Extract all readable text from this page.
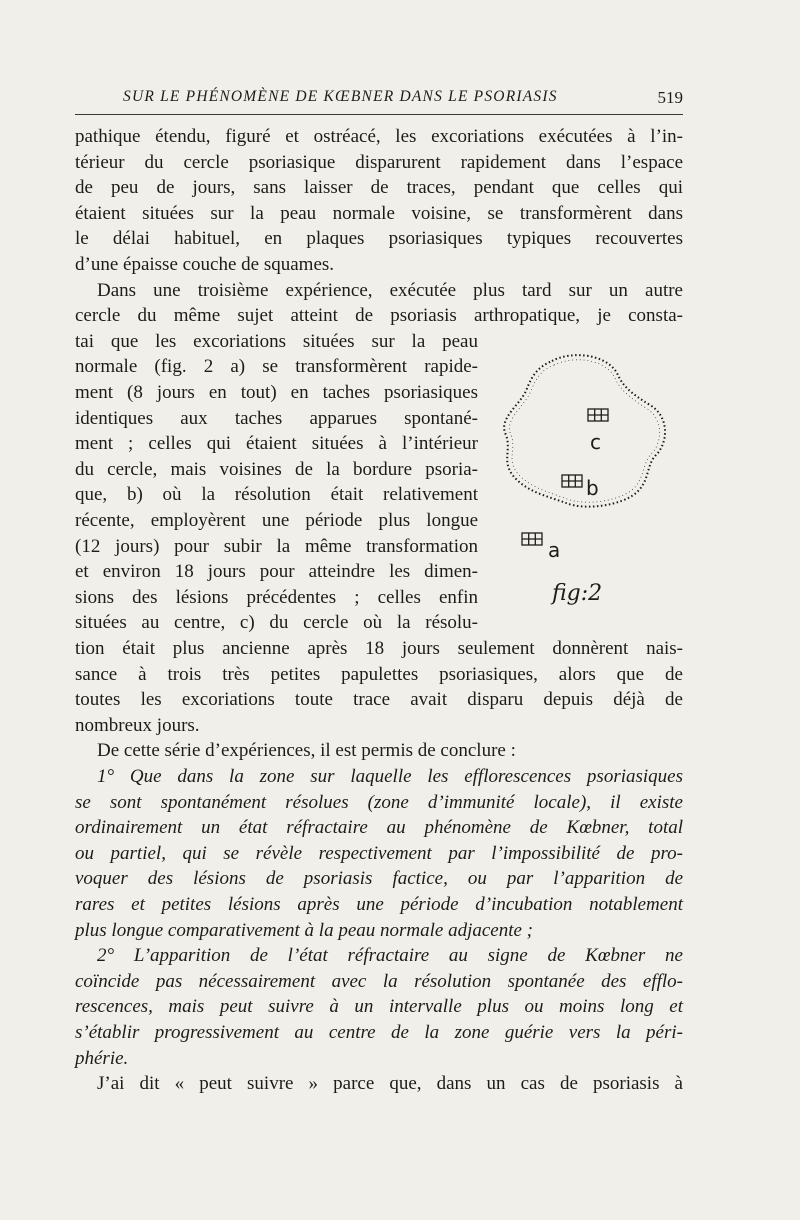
SUR LE PHÉNOMÈNE DE KŒBNER DANS LE PSORIASIS	519
pathique étendu, figuré et ostréacé, les excoriations exécutées à l’in-
térieur du cercle psoriasique disparurent rapidement dans l’espace
de peu de jours, sans laisser de traces, pendant que celles qui
étaient situées sur la peau normale voisine, se transformèrent dans
le délai habituel, en plaques psoriasiques typiques recouvertes
d’une épaisse couche de squames.
Dans une troisième expérience, exécutée plus tard sur un autre
cercle du même sujet atteint de psoriasis arthropatique, je consta-
tai que les excoriations situées sur la peau
normale (fig. 2 a) se transformèrent rapide-
ment (8 jours en tout) en taches psoriasiques
identiques aux taches apparues spontané-
ment ; celles qui étaient situées à l’intérieur
du cercle, mais voisines de la bordure psoria-
que, b) où la résolution était relativement
récente, employèrent une période plus longue
(12 jours) pour subir la même transformation
et environ 18 jours pour atteindre les dimen-
sions des lésions précédentes ; celles enfin
situées au centre, c) du cercle où la résolu-
tion était plus ancienne après 18 jours seulement donnèrent nais-
sance à trois très petites papulettes psoriasiques, alors que de
toutes les excoriations toute trace avait disparu depuis déjà de
nombreux jours.
De cette série d’expériences, il est permis de conclure :
1° Que dans la zone sur laquelle les efflorescences psoriasiques
se sont spontanément résolues (zone d’immunité locale), il existe
ordinairement un état réfractaire au phénomène de Kœbner, total
ou partiel, qui se révèle respectivement par l’impossibilité de pro-
voquer des lésions de psoriasis factice, ou par l’apparition de
rares et petites lésions après une période d’incubation notablement
plus longue comparativement à la peau normale adjacente ;
2° L’apparition de l’état réfractaire au signe de Kœbner ne
coïncide pas nécessairement avec la résolution spontanée des efflo-
rescences, mais peut suivre à un intervalle plus ou moins long et
s’établir progressivement au centre de la zone guérie vers la péri-
phérie.
J’ai dit « peut suivre » parce que, dans un cas de psoriasis à
c
b
a
fig:2
